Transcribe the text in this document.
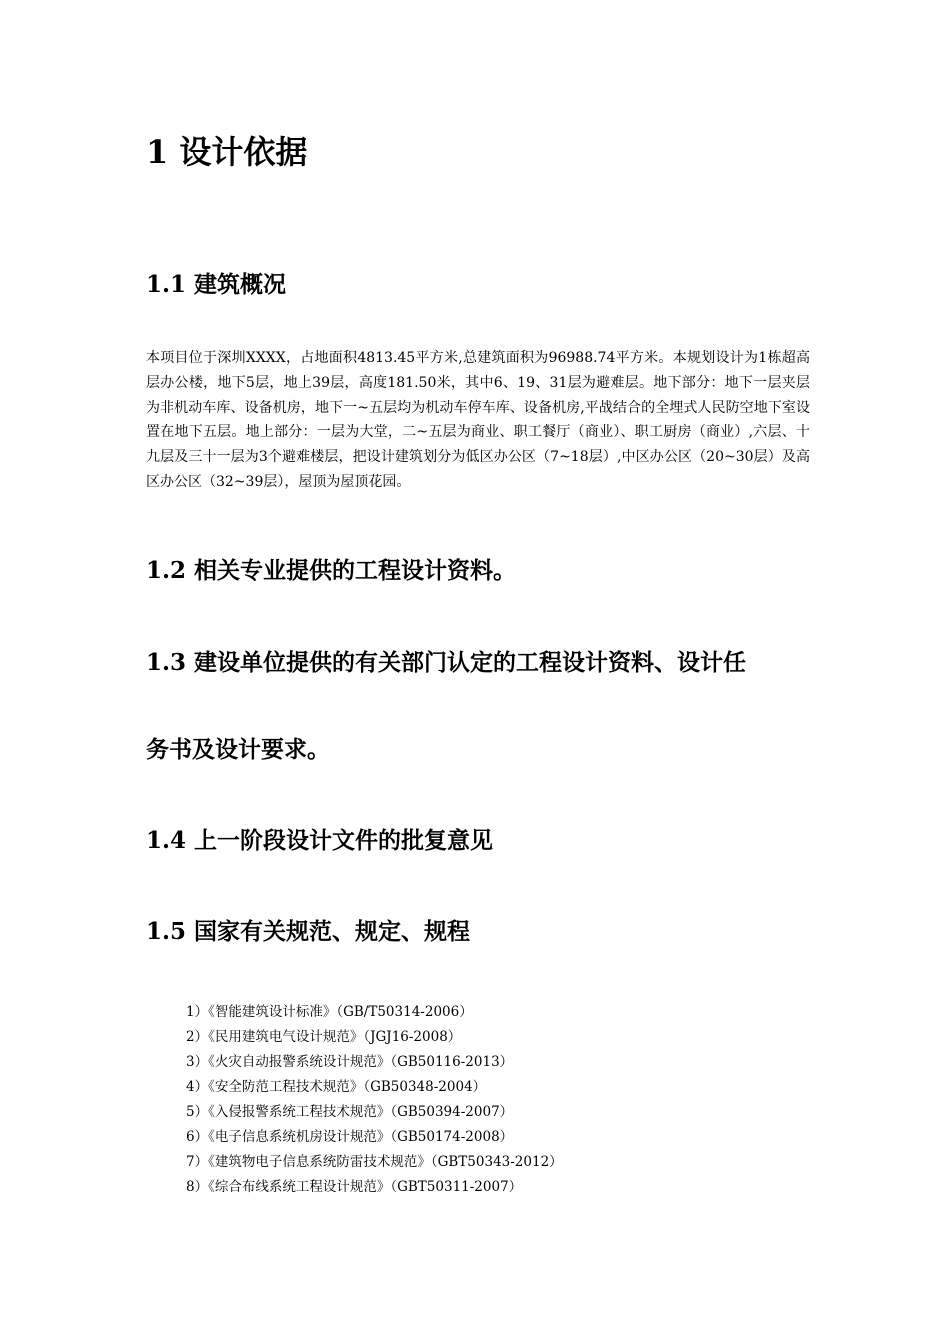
1 设计依据
1.1 建筑概况
本项目位于深圳XXXX，占地面积4813.45平方米,总建筑面积为96988.74平方米。本规划设计为1栋超高层办公楼，地下5层，地上39层，高度181.50米，其中6、19、31层为避难层。地下部分：地下一层夹层为非机动车库、设备机房，地下一~五层均为机动车停车库、设备机房,平战结合的全埋式人民防空地下室设置在地下五层。地上部分：一层为大堂，二~五层为商业、职工餐厅（商业）、职工厨房（商业）,六层、十九层及三十一层为3个避难楼层，把设计建筑划分为低区办公区（7~18层）,中区办公区（20~30层）及高区办公区（32~39层），屋顶为屋顶花园。
1.2 相关专业提供的工程设计资料。
1.3 建设单位提供的有关部门认定的工程设计资料、设计任
务书及设计要求。
1.4 上一阶段设计文件的批复意见
1.5 国家有关规范、规定、规程
1）《智能建筑设计标准》（GB/T50314-2006）
2）《民用建筑电气设计规范》（JGJ16-2008）
3）《火灾自动报警系统设计规范》（GB50116-2013）
4）《安全防范工程技术规范》（GB50348-2004）
5）《入侵报警系统工程技术规范》（GB50394-2007）
6）《电子信息系统机房设计规范》（GB50174-2008）
7）《建筑物电子信息系统防雷技术规范》（GBT50343-2012）
8）《综合布线系统工程设计规范》（GBT50311-2007）
